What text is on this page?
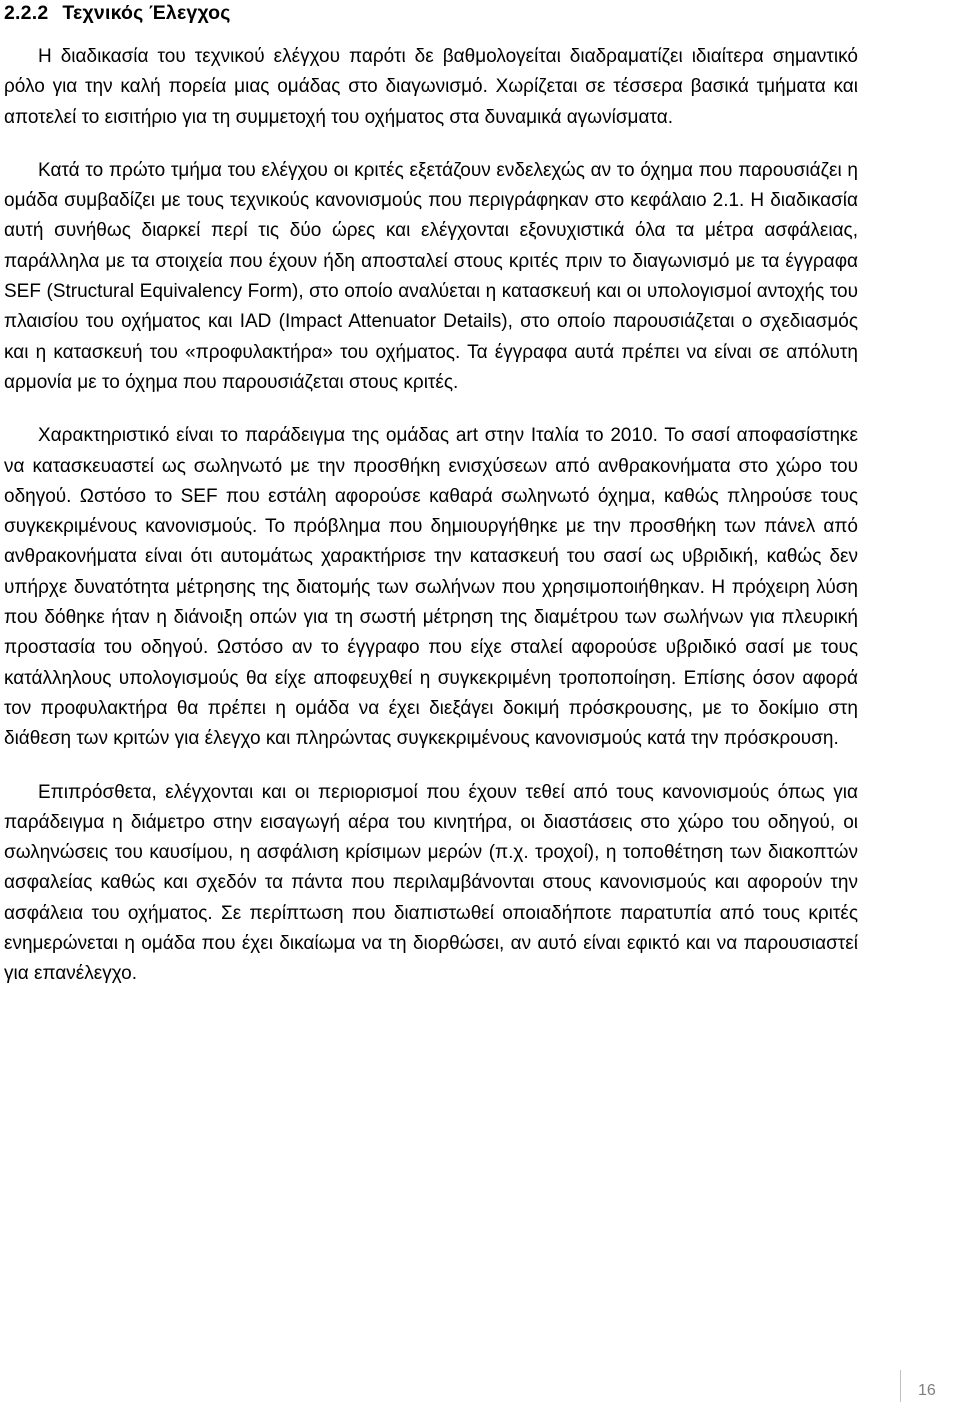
2.2.2 Τεχνικός Έλεγχος

Η διαδικασία του τεχνικού ελέγχου παρότι δε βαθμολογείται διαδραματίζει ιδιαίτερα σημαντικό ρόλο για την καλή πορεία μιας ομάδας στο διαγωνισμό. Χωρίζεται σε τέσσερα βασικά τμήματα και αποτελεί το εισιτήριο για τη συμμετοχή του οχήματος στα δυναμικά αγωνίσματα.

Κατά το πρώτο τμήμα του ελέγχου οι κριτές εξετάζουν ενδελεχώς αν το όχημα που παρουσιάζει η ομάδα συμβαδίζει με τους τεχνικούς κανονισμούς που περιγράφηκαν στο κεφάλαιο 2.1. Η διαδικασία αυτή συνήθως διαρκεί περί τις δύο ώρες και ελέγχονται εξονυχιστικά όλα τα μέτρα ασφάλειας, παράλληλα με τα στοιχεία που έχουν ήδη αποσταλεί στους κριτές πριν το διαγωνισμό με τα έγγραφα SEF (Structural Equivalency Form), στο οποίο αναλύεται η κατασκευή και οι υπολογισμοί αντοχής του πλαισίου του οχήματος και IAD (Impact Attenuator Details), στο οποίο παρουσιάζεται ο σχεδιασμός και η κατασκευή του «προφυλακτήρα» του οχήματος. Τα έγγραφα αυτά πρέπει να είναι σε απόλυτη αρμονία με το όχημα που παρουσιάζεται στους κριτές.

Χαρακτηριστικό είναι το παράδειγμα της ομάδας art στην Ιταλία το 2010. Το σασί αποφασίστηκε να κατασκευαστεί ως σωληνωτό με την προσθήκη ενισχύσεων από ανθρακονήματα στο χώρο του οδηγού. Ωστόσο το SEF που εστάλη αφορούσε καθαρά σωληνωτό όχημα, καθώς πληρούσε τους συγκεκριμένους κανονισμούς. Το πρόβλημα που δημιουργήθηκε με την προσθήκη των πάνελ από ανθρακονήματα είναι ότι αυτομάτως χαρακτήρισε την κατασκευή του σασί ως υβριδική, καθώς δεν υπήρχε δυνατότητα μέτρησης της διατομής των σωλήνων που χρησιμοποιήθηκαν. Η πρόχειρη λύση που δόθηκε ήταν η διάνοιξη οπών για τη σωστή μέτρηση της διαμέτρου των σωλήνων για πλευρική προστασία του οδηγού. Ωστόσο αν το έγγραφο που είχε σταλεί αφορούσε υβριδικό σασί με τους κατάλληλους υπολογισμούς θα είχε αποφευχθεί η συγκεκριμένη τροποποίηση. Επίσης όσον αφορά τον προφυλακτήρα θα πρέπει η ομάδα να έχει διεξάγει δοκιμή πρόσκρουσης, με το δοκίμιο στη διάθεση των κριτών για έλεγχο και πληρώντας συγκεκριμένους κανονισμούς κατά την πρόσκρουση.

Επιπρόσθετα, ελέγχονται και οι περιορισμοί που έχουν τεθεί από τους κανονισμούς όπως για παράδειγμα η διάμετρο στην εισαγωγή αέρα του κινητήρα, οι διαστάσεις στο χώρο του οδηγού, οι σωληνώσεις του καυσίμου, η ασφάλιση κρίσιμων μερών (π.χ. τροχοί), η τοποθέτηση των διακοπτών ασφαλείας καθώς και σχεδόν τα πάντα που περιλαμβάνονται στους κανονισμούς και αφορούν την ασφάλεια του οχήματος. Σε περίπτωση που διαπιστωθεί οποιαδήποτε παρατυπία από τους κριτές ενημερώνεται η ομάδα που έχει δικαίωμα να τη διορθώσει, αν αυτό είναι εφικτό και να παρουσιαστεί για επανέλεγχο.

16
